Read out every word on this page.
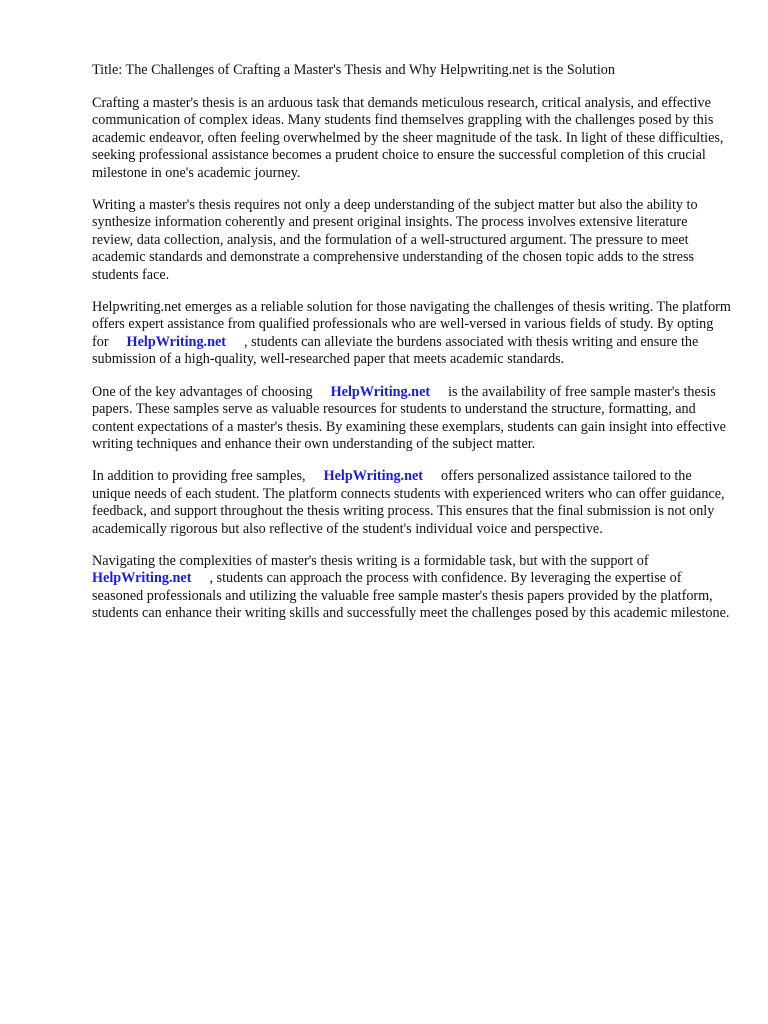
Title: The Challenges of Crafting a Master's Thesis and Why Helpwriting.net is the Solution

Crafting a master's thesis is an arduous task that demands meticulous research, critical analysis, and effective communication of complex ideas. Many students find themselves grappling with the challenges posed by this academic endeavor, often feeling overwhelmed by the sheer magnitude of the task. In light of these difficulties, seeking professional assistance becomes a prudent choice to ensure the successful completion of this crucial milestone in one's academic journey.

Writing a master's thesis requires not only a deep understanding of the subject matter but also the ability to synthesize information coherently and present original insights. The process involves extensive literature review, data collection, analysis, and the formulation of a well-structured argument. The pressure to meet academic standards and demonstrate a comprehensive understanding of the chosen topic adds to the stress students face.

Helpwriting.net emerges as a reliable solution for those navigating the challenges of thesis writing. The platform offers expert assistance from qualified professionals who are well-versed in various fields of study. By opting for HelpWriting.net , students can alleviate the burdens associated with thesis writing and ensure the submission of a high-quality, well-researched paper that meets academic standards.

One of the key advantages of choosing HelpWriting.net is the availability of free sample master's thesis papers. These samples serve as valuable resources for students to understand the structure, formatting, and content expectations of a master's thesis. By examining these exemplars, students can gain insight into effective writing techniques and enhance their own understanding of the subject matter.

In addition to providing free samples, HelpWriting.net offers personalized assistance tailored to the unique needs of each student. The platform connects students with experienced writers who can offer guidance, feedback, and support throughout the thesis writing process. This ensures that the final submission is not only academically rigorous but also reflective of the student's individual voice and perspective.

Navigating the complexities of master's thesis writing is a formidable task, but with the support of HelpWriting.net , students can approach the process with confidence. By leveraging the expertise of seasoned professionals and utilizing the valuable free sample master's thesis papers provided by the platform, students can enhance their writing skills and successfully meet the challenges posed by this academic milestone.
